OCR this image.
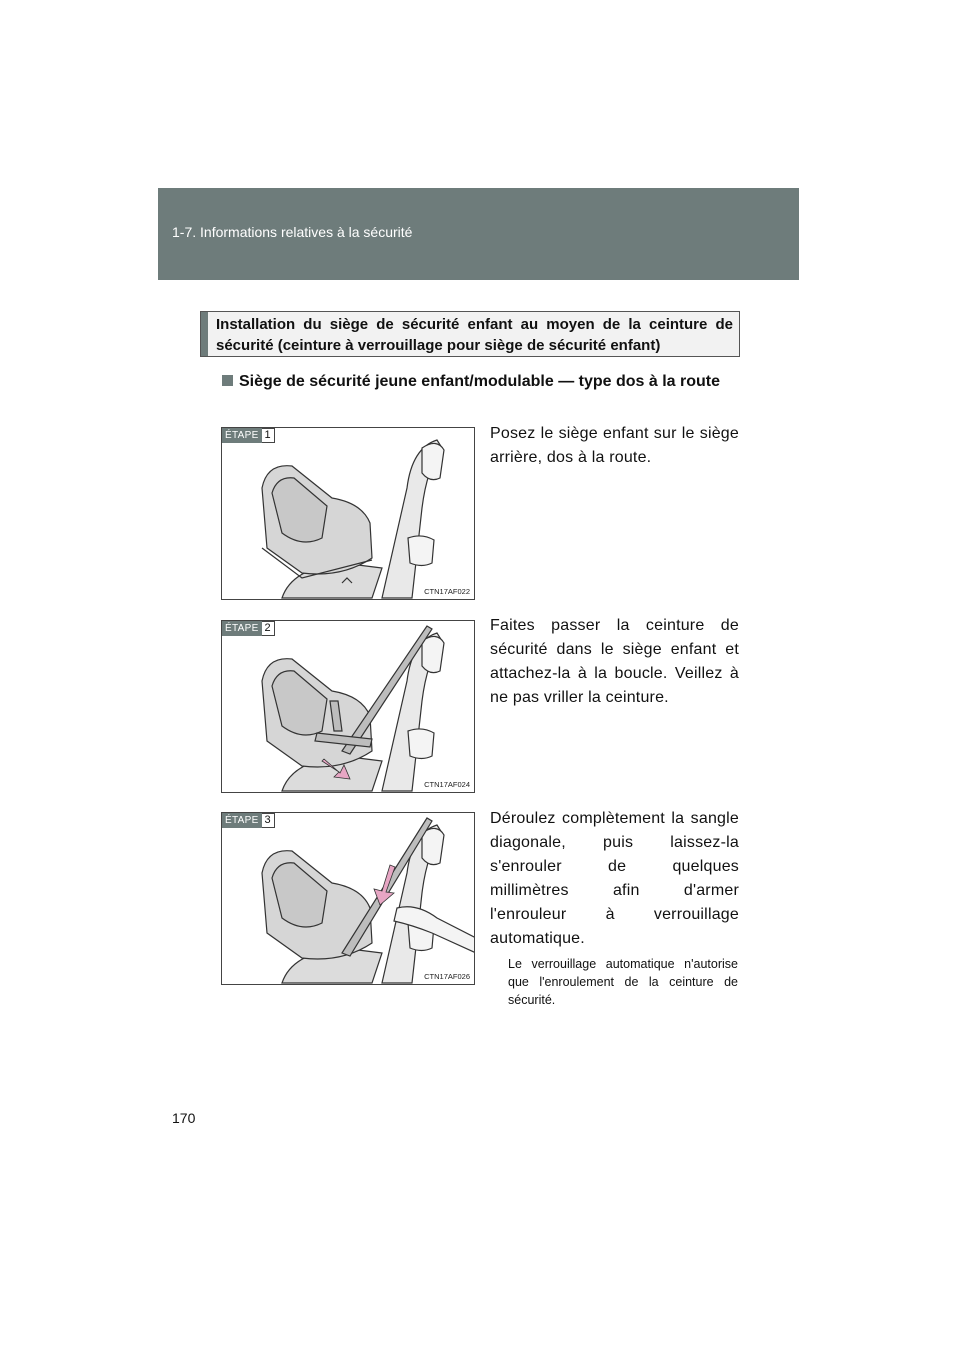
1-7. Informations relatives à la sécurité
Installation du siège de sécurité enfant au moyen de la ceinture de sécurité (ceinture à verrouillage pour siège de sécurité enfant)
Siège de sécurité jeune enfant/modulable — type dos à la route
ÉTAPE 1
CTN17AF022
Posez le siège enfant sur le siège arrière, dos à la route.
ÉTAPE 2
CTN17AF024
Faites passer la ceinture de sécurité dans le siège enfant et attachez-la à la boucle. Veillez à ne pas vriller la ceinture.
ÉTAPE 3
CTN17AF026
Déroulez complètement la sangle diagonale, puis laissez-la s'enrouler de quelques millimètres afin d'armer l'enrouleur à verrouillage automatique.
Le verrouillage automatique n'autorise que l'enroulement de la ceinture de sécurité.
170
